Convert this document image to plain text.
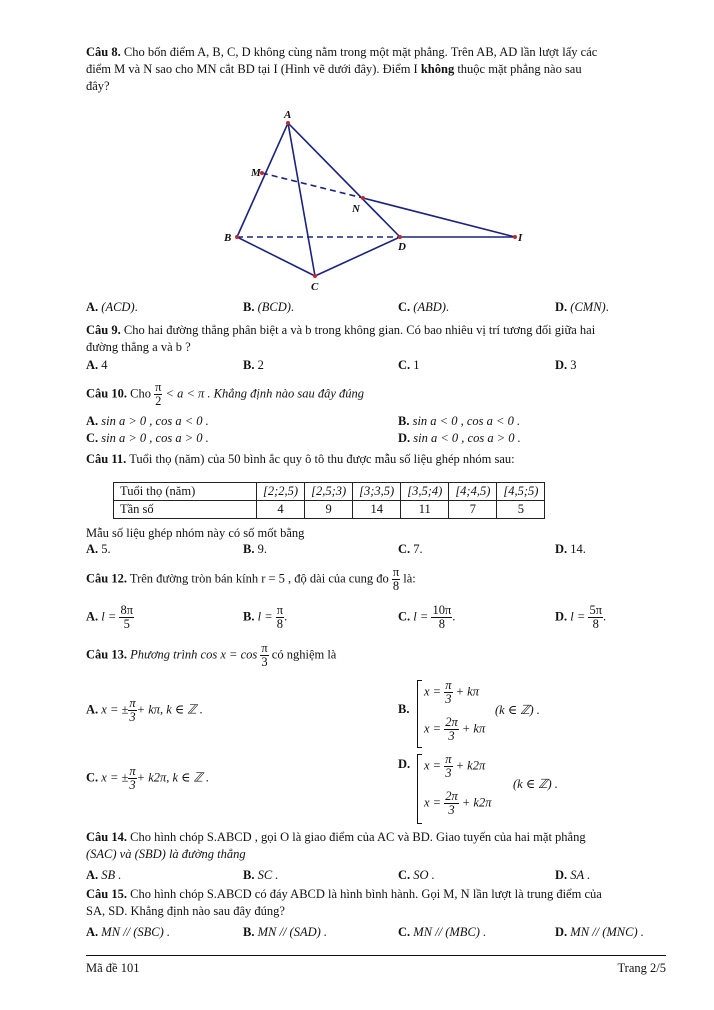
Câu 8. Cho bốn điểm A, B, C, D không cùng nằm trong một mặt phẳng. Trên AB, AD lần lượt lấy các
điểm M và N sao cho MN cắt BD tại I (Hình vẽ dưới đây). Điểm I không thuộc mặt phẳng nào sau
đây?
A
M
N
B
D
I
C
A. (ACD).	B. (BCD).	C. (ABD).	D. (CMN).
Câu 9. Cho hai đường thẳng phân biệt a và b trong không gian. Có bao nhiêu vị trí tương đối giữa hai
đường thẳng a và b ?
A. 4	B. 2	C. 1	D. 3
Câu 10. Cho $\frac{\pi}{2} < a < \pi$ . Khẳng định nào sau đây đúng
A. sin a > 0 , cos a < 0 .	B. sin a < 0 , cos a < 0 .
C. sin a > 0 , cos a > 0 .	D. sin a < 0 , cos a > 0 .
Câu 11. Tuổi thọ (năm) của 50 bình ắc quy ô tô thu được mẫu số liệu ghép nhóm sau:
Tuổi thọ (năm)	[2;2,5)	[2,5;3)	[3;3,5)	[3,5;4)	[4;4,5)	[4,5;5)
Tần số	4	9	14	11	7	5
Mẫu số liệu ghép nhóm này có số mốt bằng
A. 5.	B. 9.	C. 7.	D. 14.
Câu 12. Trên đường tròn bán kính r = 5 , độ dài của cung đo $\frac{\pi}{8}$ là:
A. $l = \frac{8\pi}{5}$	B. $l = \frac{\pi}{8}$ .	C. $l = \frac{10\pi}{8}$ .	D. $l = \frac{5\pi}{8}$ .
Câu 13. Phương trình $\cos x = \cos \frac{\pi}{3}$ có nghiệm là
A. x = ± $\frac{\pi}{3} + k\pi$, k ∈ ℤ .	B.
$x = \frac{\pi}{3} + k\pi$
$x = \frac{2\pi}{3} + k\pi$
(k ∈ ℤ) .
C. x = ± $\frac{\pi}{3} + k2\pi$, k ∈ ℤ .
D. $x = \frac{\pi}{3} + k2\pi$
$x = \frac{2\pi}{3} + k2\pi$
(k ∈ ℤ) .
Câu 14. Cho hình chóp S.ABCD , gọi O là giao điểm của AC và BD. Giao tuyến của hai mặt phẳng
(SAC) và (SBD) là đường thẳng
A. SB .	B. SC .	C. SO .	D. SA .
Câu 15. Cho hình chóp S.ABCD có đáy ABCD là hình bình hành. Gọi M, N lần lượt là trung điểm của
SA, SD. Khẳng định nào sau đây đúng?
A. MN // (SBC) .	B. MN // (SAD) .	C. MN // (MBC) .	D. MN // (MNC) .
Mã đề 101	Trang 2/5
